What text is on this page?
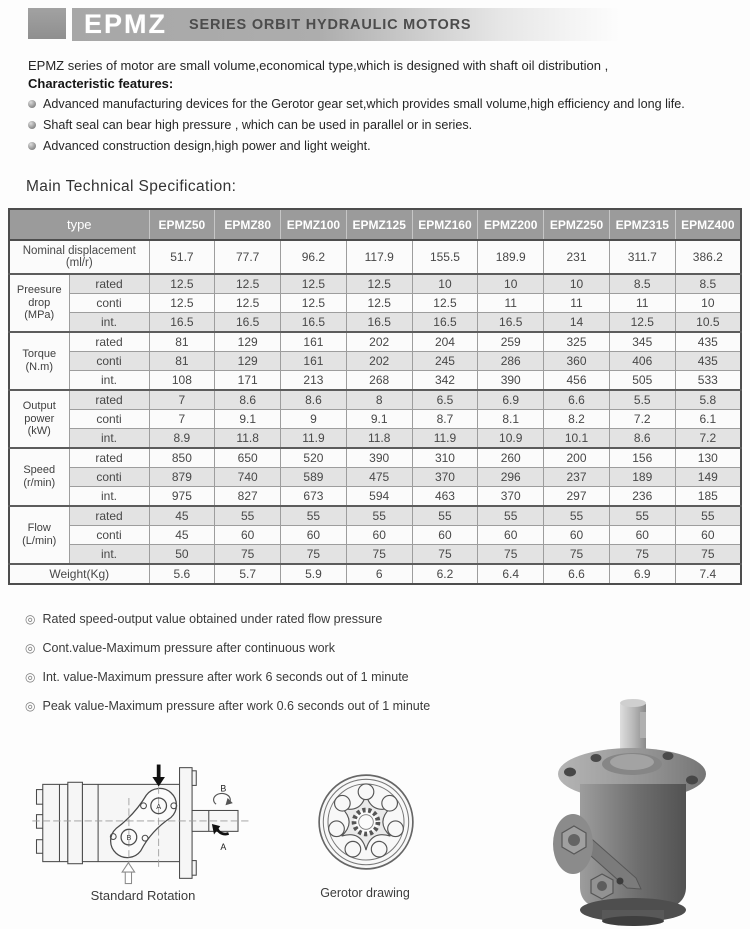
EPMZ	SERIES ORBIT HYDRAULIC MOTORS

EPMZ series of motor are small volume,economical type,which is designed with shaft oil distribution ,

Characteristic features:

Advanced manufacturing devices for the Gerotor gear set,which provides small volume,high efficiency and long life.
Shaft seal can bear high pressure , which can be used in parallel or in series.
Advanced construction design,high power and light weight.
Main Technical Specification:
type		EPMZ50	EPMZ80	EPMZ100	EPMZ125	EPMZ160	EPMZ200	EPMZ250	EPMZ315	EPMZ400

Nominal displacement
(ml/r)		51.7	77.7	96.2	117.9	155.5	189.9	231	311.7	386.2

Preesure
drop
(MPa)	rated	12.5	12.5	12.5	12.5	10	10	10	8.5	8.5
	conti	12.5	12.5	12.5	12.5	12.5	11	11	11	10
	int.	16.5	16.5	16.5	16.5	16.5	16.5	14	12.5	10.5

Torque
(N.m)	rated	81	129	161	202	204	259	325	345	435
	conti	81	129	161	202	245	286	360	406	435
	int.	108	171	213	268	342	390	456	505	533

Output
power
(kW)	rated	7	8.6	8.6	8	6.5	6.9	6.6	5.5	5.8
	conti	7	9.1	9	9.1	8.7	8.1	8.2	7.2	6.1
	int.	8.9	11.8	11.9	11.8	11.9	10.9	10.1	8.6	7.2

Speed
(r/min)	rated	850	650	520	390	310	260	200	156	130
	conti	879	740	589	475	370	296	237	189	149
	int.	975	827	673	594	463	370	297	236	185

Flow
(L/min)	rated	45	55	55	55	55	55	55	55	55
	conti	45	60	60	60	60	60	60	60	60
	int.	50	75	75	75	75	75	75	75	75
Weight(Kg)		5.6	5.7	5.9	6	6.2	6.4	6.6	6.9	7.4
◎ Rated speed-output value obtained under rated flow pressure
◎ Cont.value-Maximum pressure after continuous work
◎ Int. value-Maximum pressure after work 6 seconds out of 1 minute
◎ Peak value-Maximum pressure after work 0.6 seconds out of 1 minute
A
B
B
A
Standard Rotation	Gerotor drawing
